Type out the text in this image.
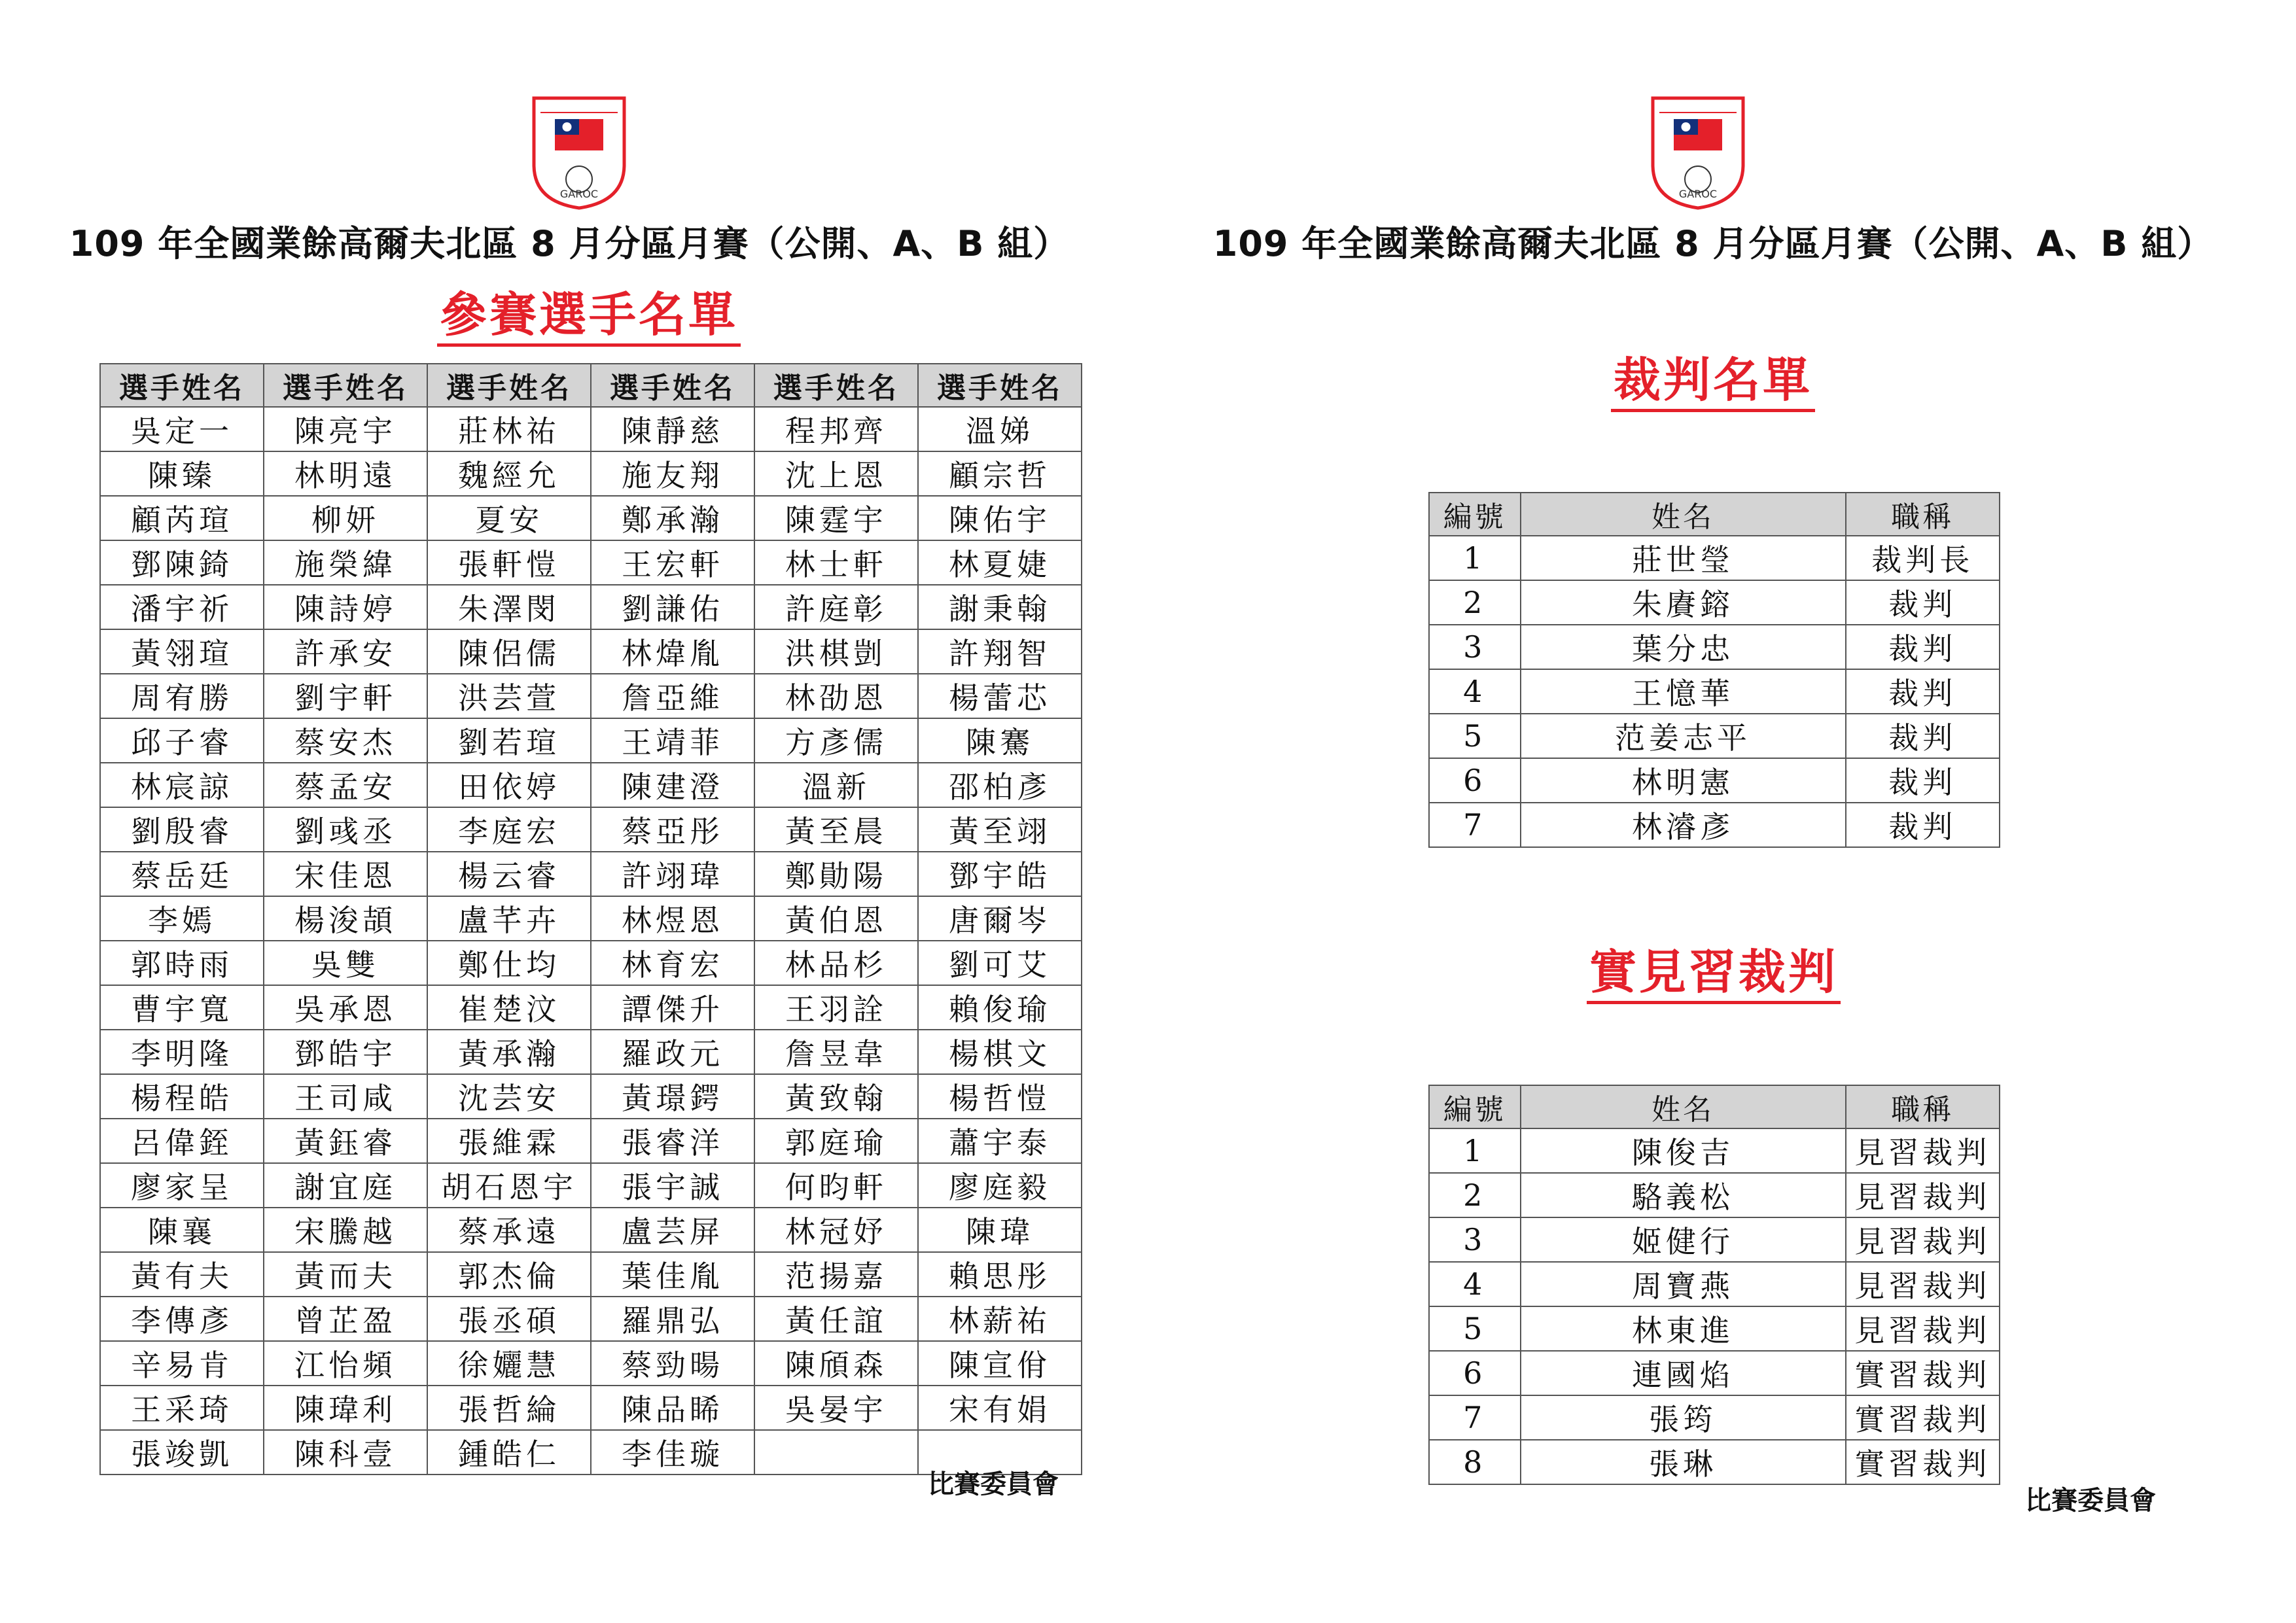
GAROC
109 年全國業餘高爾夫北區 8 月分區月賽（公開、A、B 組）
參賽選手名單
選手姓名	選手姓名	選手姓名	選手姓名	選手姓名	選手姓名
吳定一	陳亮宇	莊林祐	陳靜慈	程邦齊	溫娣
陳臻	林明遠	魏經允	施友翔	沈上恩	顧宗哲
顧芮瑄	柳妍	夏安	鄭承瀚	陳霆宇	陳佑宇
鄧陳錡	施榮緯	張軒愷	王宏軒	林士軒	林夏婕
潘宇祈	陳詩婷	朱澤閔	劉謙佑	許庭彰	謝秉翰
黃翎瑄	許承安	陳侶儒	林煒胤	洪棋剴	許翔智
周宥勝	劉宇軒	洪芸萱	詹亞維	林劭恩	楊蕾芯
邱子睿	蔡安杰	劉若瑄	王靖菲	方彥儒	陳騫
林宸諒	蔡孟安	田依婷	陳建澄	溫新	邵柏彥
劉殷睿	劉彧丞	李庭宏	蔡亞彤	黃至晨	黃至翊
蔡岳廷	宋佳恩	楊云睿	許翊瑋	鄭勛陽	鄧宇皓
李嫣	楊浚頡	盧芊卉	林煜恩	黃伯恩	唐爾岑
郭時雨	吳雙	鄭仕均	林育宏	林品杉	劉可艾
曹宇寬	吳承恩	崔楚汶	譚傑升	王羽詮	賴俊瑜
李明隆	鄧皓宇	黃承瀚	羅政元	詹昱韋	楊棋文
楊程皓	王司咸	沈芸安	黃璟鍔	黃致翰	楊哲愷
呂偉銍	黃鈺睿	張維霖	張睿洋	郭庭瑜	蕭宇泰
廖家呈	謝宜庭	胡石恩宇	張宇誠	何昀軒	廖庭毅
陳襄	宋騰越	蔡承遠	盧芸屏	林冠妤	陳瑋
黃有夫	黃而夫	郭杰倫	葉佳胤	范揚嘉	賴思彤
李傳彥	曾芷盈	張丞碩	羅鼎弘	黃任誼	林薪祐
辛易肯	江怡頻	徐孋慧	蔡勁暘	陳頎森	陳宣佾
王采琦	陳瑋利	張哲綸	陳品睎	吳晏宇	宋有娟
張竣凱	陳科壹	鍾皓仁	李佳璇		
比賽委員會
GAROC
109 年全國業餘高爾夫北區 8 月分區月賽（公開、A、B 組）
裁判名單
編號	姓名	職稱
1	莊世瑩	裁判長
2	朱賡鎔	裁判
3	葉分忠	裁判
4	王憶華	裁判
5	范姜志平	裁判
6	林明憲	裁判
7	林濬彥	裁判
實見習裁判
編號	姓名	職稱
1	陳俊吉	見習裁判
2	駱義松	見習裁判
3	姬健行	見習裁判
4	周寶燕	見習裁判
5	林東進	見習裁判
6	連國焰	實習裁判
7	張筠	實習裁判
8	張琳	實習裁判
比賽委員會
